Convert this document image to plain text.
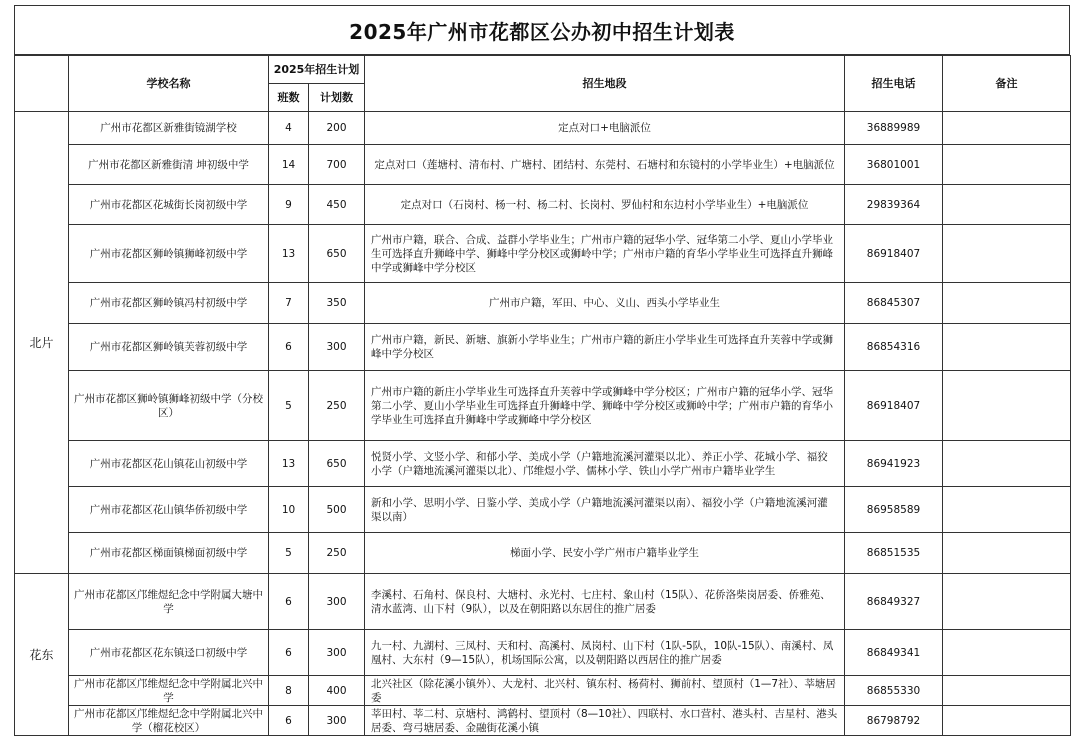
2025年广州市花都区公办初中招生计划表
	学校名称	2025年招生计划		招生地段	招生电话	备注
		班数	计划数			
北片	广州市花都区新雅街镜湖学校	4	200	定点对口+电脑派位	36889989	
	广州市花都区新雅街清 坤初级中学	14	700	定点对口（莲塘村、清布村、广塘村、团结村、东莞村、石塘村和东镜村的小学毕业生）+电脑派位	36801001	
	广州市花都区花城街长岗初级中学	9	450	定点对口（石岗村、杨一村、杨二村、长岗村、罗仙村和东边村小学毕业生）+电脑派位	29839364	
	广州市花都区狮岭镇狮峰初级中学	13	650	广州市户籍，联合、合成、益群小学毕业生；广州市户籍的冠华小学、冠华第二小学、夏山小学毕业生可选择直升狮峰中学、狮峰中学分校区或狮岭中学；广州市户籍的育华小学毕业生可选择直升狮峰中学或狮峰中学分校区	86918407	
	广州市花都区狮岭镇冯村初级中学	7	350	广州市户籍，军田、中心、义山、西头小学毕业生	86845307	
	广州市花都区狮岭镇芙蓉初级中学	6	300	广州市户籍，新民、新塘、旗新小学毕业生；广州市户籍的新庄小学毕业生可选择直升芙蓉中学或狮峰中学分校区	86854316	
	广州市花都区狮岭镇狮峰初级中学（分校区）	5	250	广州市户籍的新庄小学毕业生可选择直升芙蓉中学或狮峰中学分校区；广州市户籍的冠华小学、冠华第二小学、夏山小学毕业生可选择直升狮峰中学、狮峰中学分校区或狮岭中学；广州市户籍的育华小学毕业生可选择直升狮峰中学或狮峰中学分校区	86918407	
	广州市花都区花山镇花山初级中学	13	650	悦贤小学、文竖小学、和郁小学、美成小学（户籍地流溪河灌渠以北）、养正小学、花城小学、福狡小学（户籍地流溪河灌渠以北）、邝维煜小学、儒林小学、铁山小学广州市户籍毕业学生	86941923	
	广州市花都区花山镇华侨初级中学	10	500	新和小学、思明小学、日鉴小学、美成小学（户籍地流溪河灌渠以南）、福狡小学（户籍地流溪河灌渠以南）	86958589	
	广州市花都区梯面镇梯面初级中学	5	250	梯面小学、民安小学广州市户籍毕业学生	86851535	
花东	广州市花都区邝维煜纪念中学附属大塘中学	6	300	李溪村、石角村、保良村、大塘村、永光村、七庄村、象山村（15队）、花侨洛柴岗居委、侨雅苑、清水蓝湾、山下村（9队），以及在朝阳路以东居住的推广居委	86849327	
	广州市花都区花东镇迳口初级中学	6	300	九一村、九湖村、三凤村、天和村、高溪村、凤岗村、山下村（1队-5队，10队-15队）、南溪村、凤凰村、大东村（9—15队），机场国际公寓，以及朝阳路以西居住的推广居委	86849341	
	广州市花都区邝维煜纪念中学附属北兴中学	8	400	北兴社区（除花溪小镇外）、大龙村、北兴村、镇东村、杨荷村、狮前村、望顶村（1—7社）、莘塘居委	86855330	
	广州市花都区邝维煜纪念中学附属北兴中学（榴花校区）	6	300	莘田村、莘二村、京塘村、鸿鹤村、望顶村（8—10社）、四联村、水口营村、港头村、吉星村、港头居委、弯弓塘居委、金融街花溪小镇	86798792	
